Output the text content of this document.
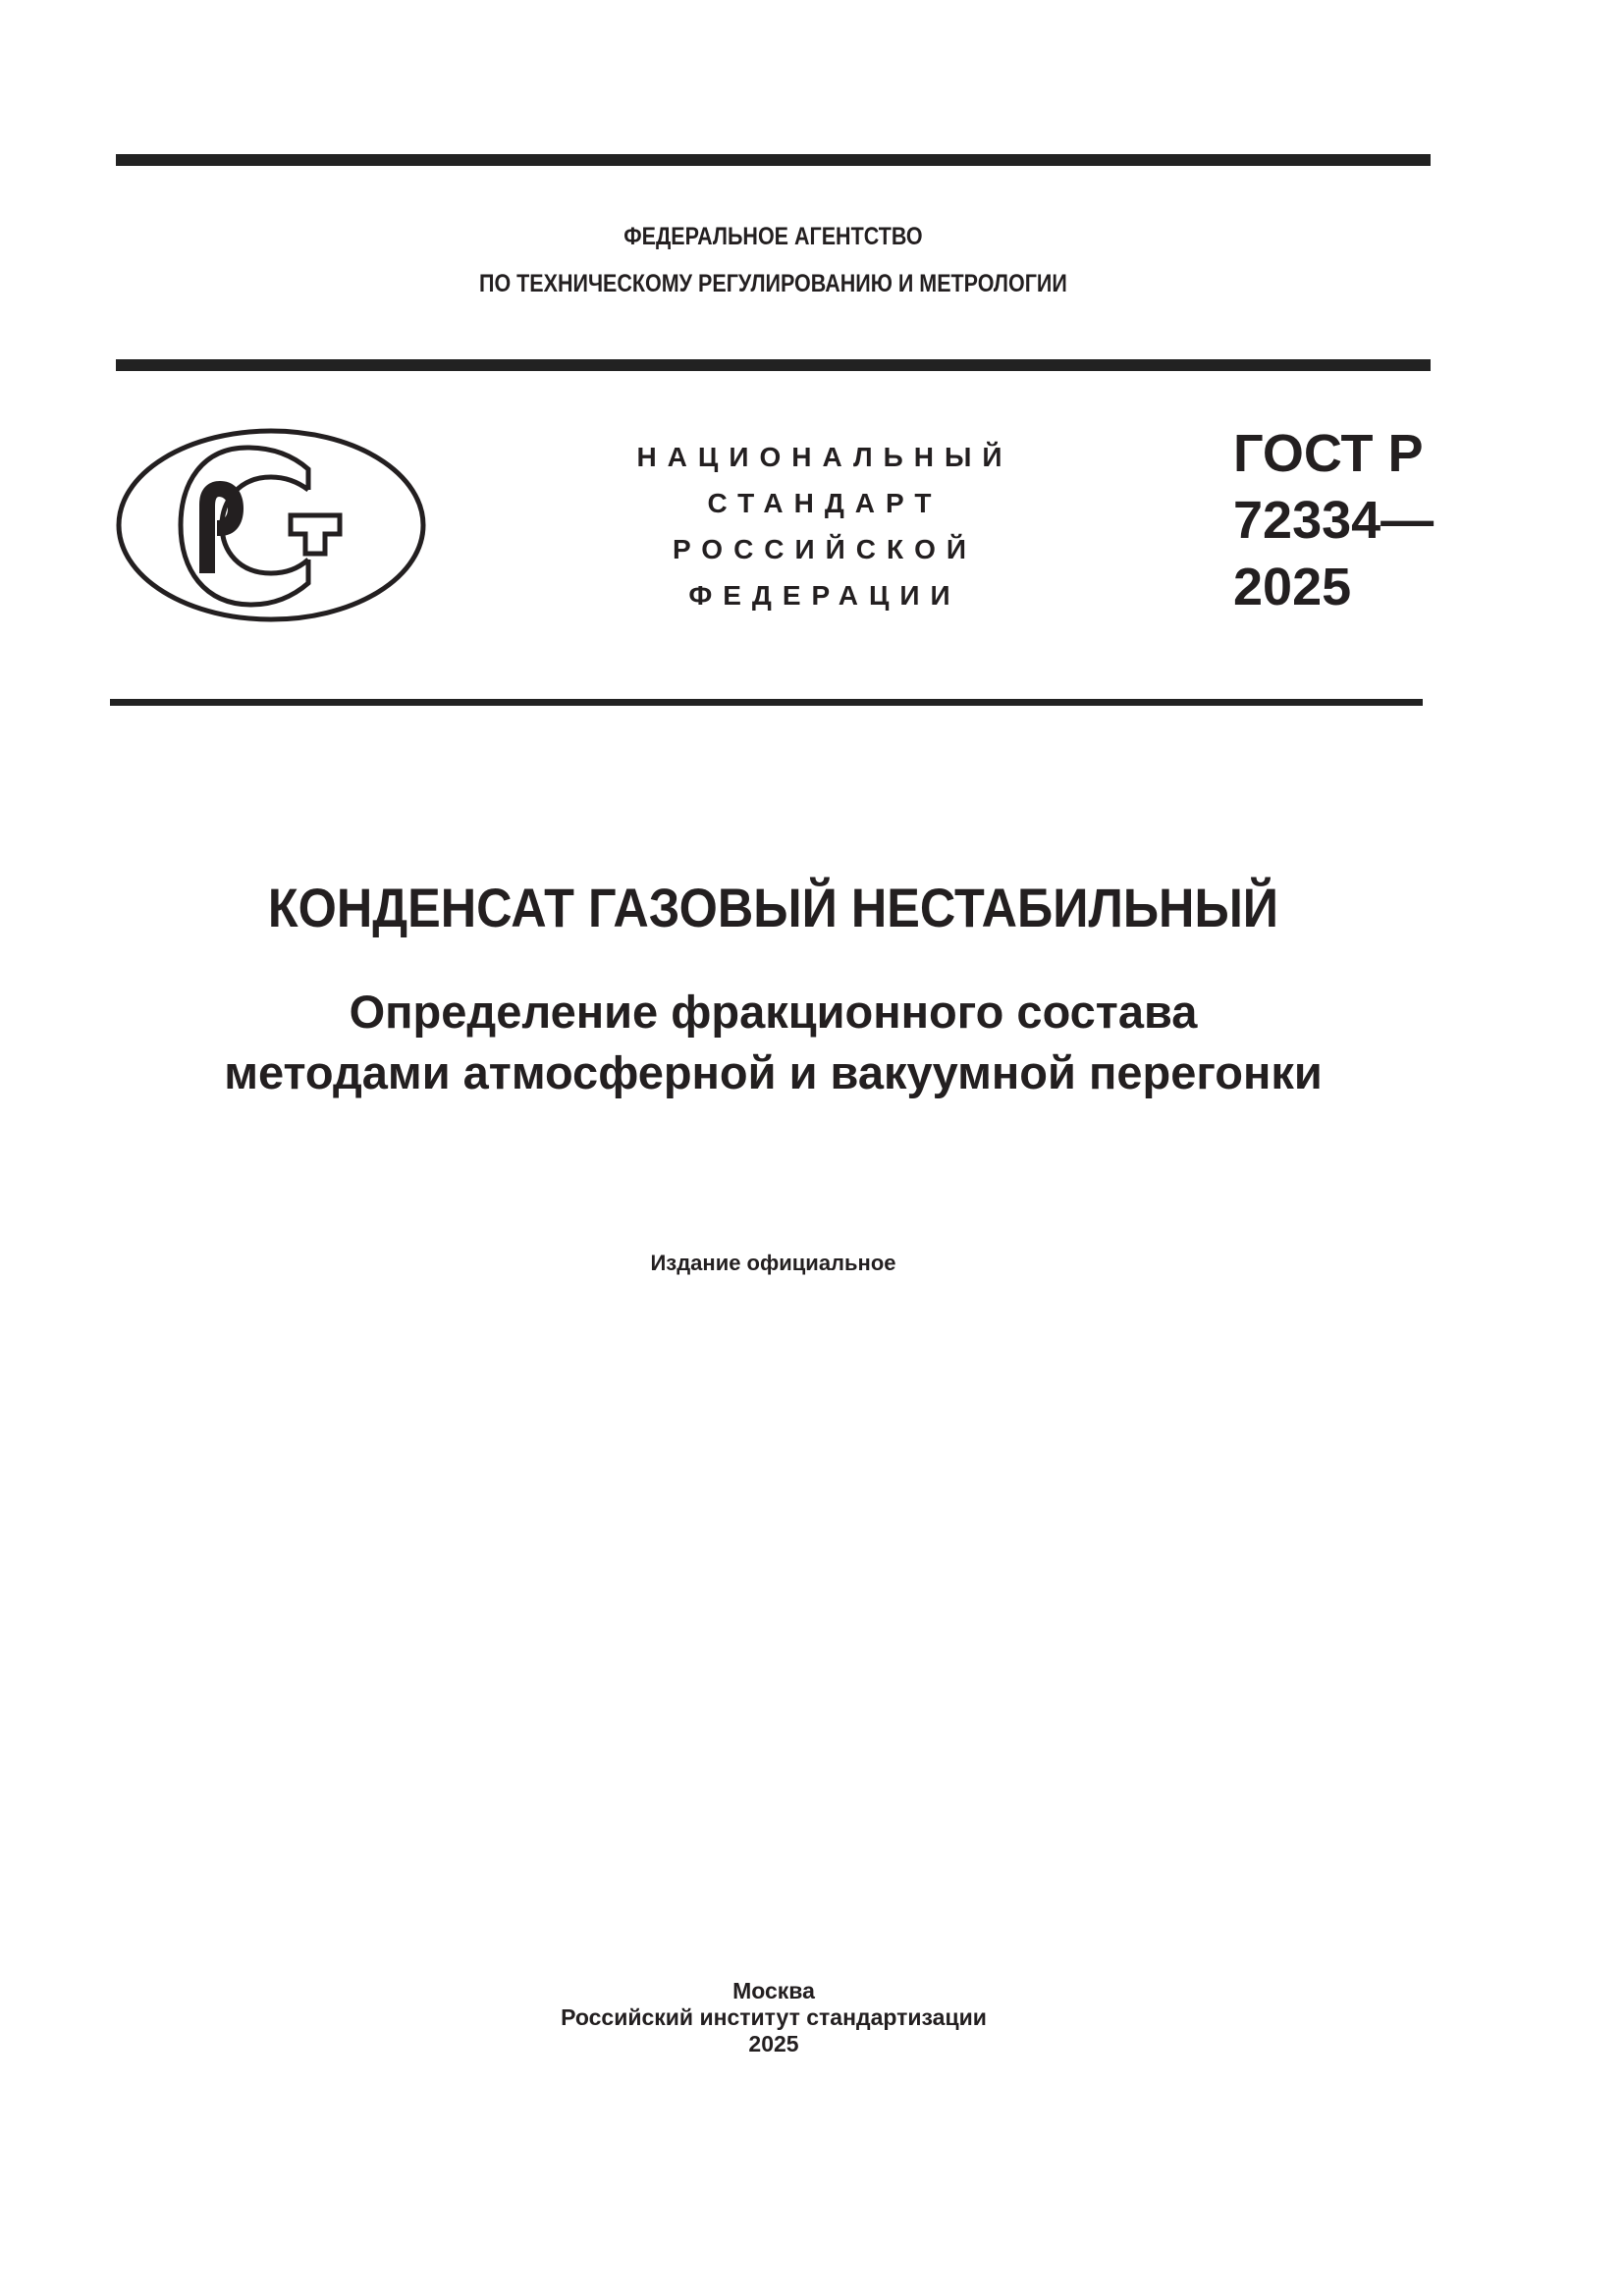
ФЕДЕРАЛЬНОЕ АГЕНТСТВО
ПО ТЕХНИЧЕСКОМУ РЕГУЛИРОВАНИЮ И МЕТРОЛОГИИ
НАЦИОНАЛЬНЫЙ
СТАНДАРТ
РОССИЙСКОЙ
ФЕДЕРАЦИИ
ГОСТ Р
72334—
2025
КОНДЕНСАТ ГАЗОВЫЙ НЕСТАБИЛЬНЫЙ
Определение фракционного состава
методами атмосферной и вакуумной перегонки
Издание официальное
Москва
Российский институт стандартизации
2025
